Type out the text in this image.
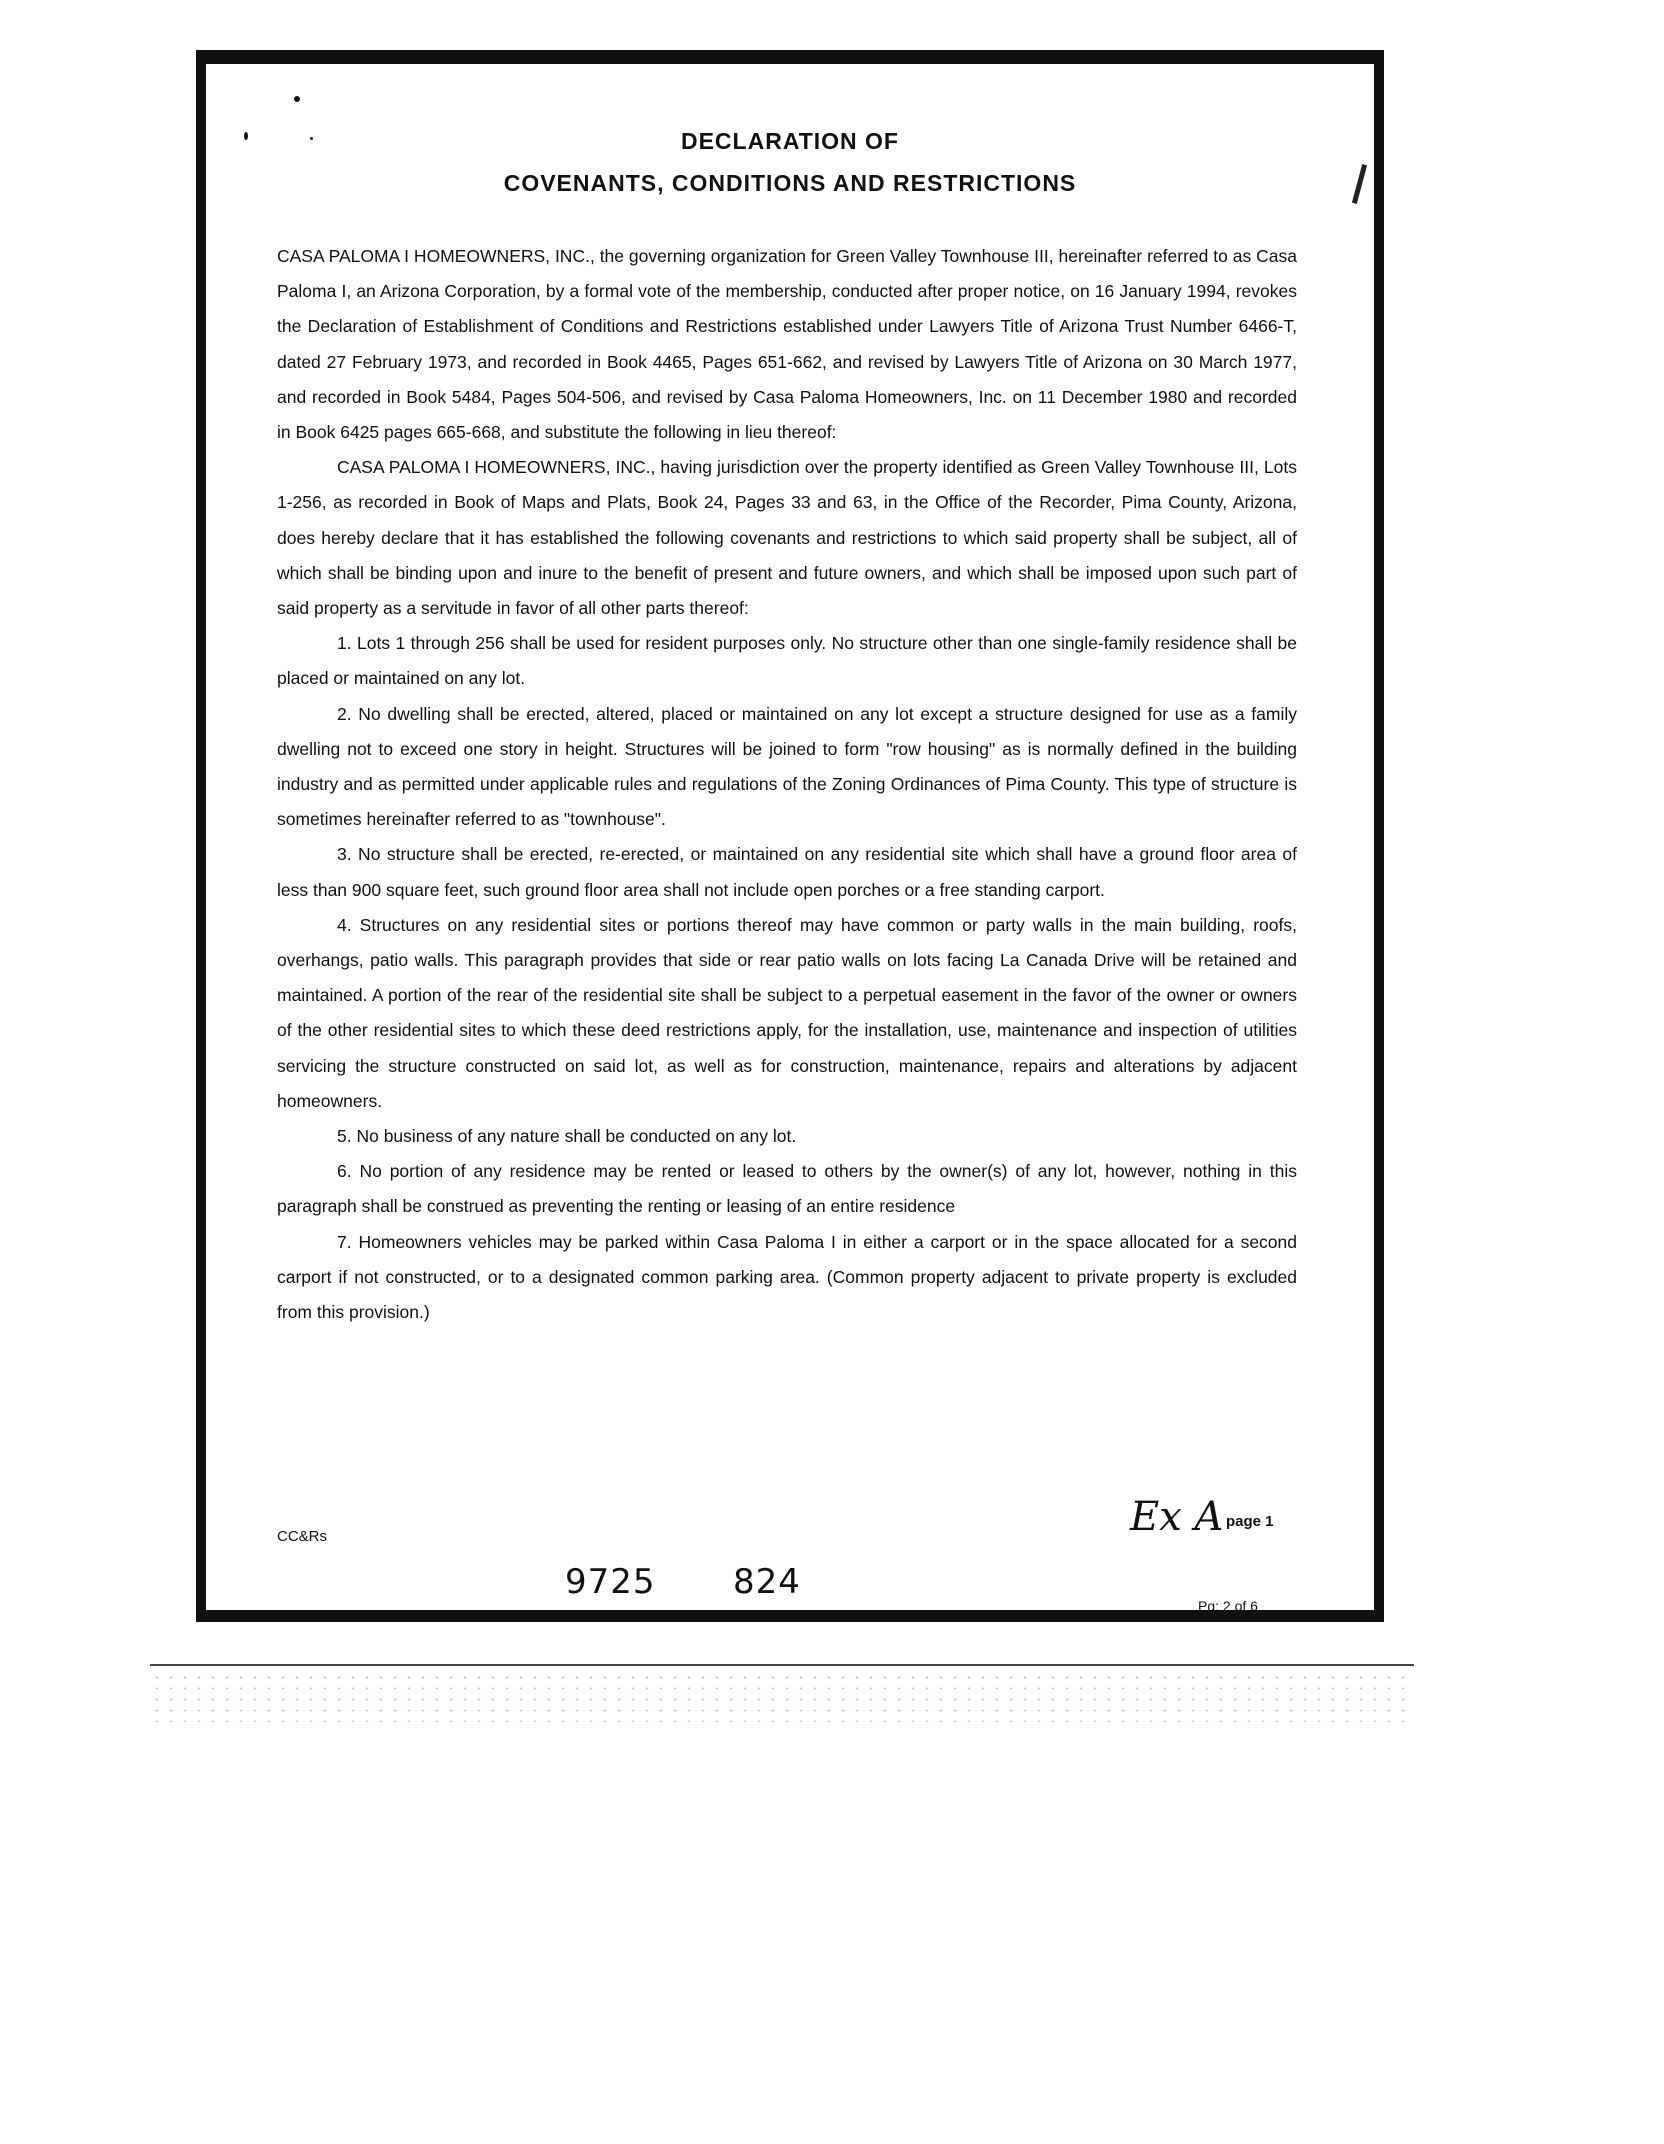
DECLARATION OF
COVENANTS, CONDITIONS AND RESTRICTIONS

CASA PALOMA I HOMEOWNERS, INC., the governing organization for Green Valley Townhouse III, hereinafter referred to as Casa Paloma I, an Arizona Corporation, by a formal vote of the membership, conducted after proper notice, on 16 January 1994, revokes the Declaration of Establishment of Conditions and Restrictions established under Lawyers Title of Arizona Trust Number 6466-T, dated 27 February 1973, and recorded in Book 4465, Pages 651-662, and revised by Lawyers Title of Arizona on 30 March 1977, and recorded in Book 5484, Pages 504-506, and revised by Casa Paloma Homeowners, Inc. on 11 December 1980 and recorded in Book 6425 pages 665-668, and substitute the following in lieu thereof:

CASA PALOMA I HOMEOWNERS, INC., having jurisdiction over the property identified as Green Valley Townhouse III, Lots 1-256, as recorded in Book of Maps and Plats, Book 24, Pages 33 and 63, in the Office of the Recorder, Pima County, Arizona, does hereby declare that it has established the following covenants and restrictions to which said property shall be subject, all of which shall be binding upon and inure to the benefit of present and future owners, and which shall be imposed upon such part of said property as a servitude in favor of all other parts thereof:

1. Lots 1 through 256 shall be used for resident purposes only. No structure other than one single-family residence shall be placed or maintained on any lot.

2. No dwelling shall be erected, altered, placed or maintained on any lot except a structure designed for use as a family dwelling not to exceed one story in height. Structures will be joined to form "row housing" as is normally defined in the building industry and as permitted under applicable rules and regulations of the Zoning Ordinances of Pima County. This type of structure is sometimes hereinafter referred to as "townhouse".

3. No structure shall be erected, re-erected, or maintained on any residential site which shall have a ground floor area of less than 900 square feet, such ground floor area shall not include open porches or a free standing carport.

4. Structures on any residential sites or portions thereof may have common or party walls in the main building, roofs, overhangs, patio walls. This paragraph provides that side or rear patio walls on lots facing La Canada Drive will be retained and maintained. A portion of the rear of the residential site shall be subject to a perpetual easement in the favor of the owner or owners of the other residential sites to which these deed restrictions apply, for the installation, use, maintenance and inspection of utilities servicing the structure constructed on said lot, as well as for construction, maintenance, repairs and alterations by adjacent homeowners.

5. No business of any nature shall be conducted on any lot.

6. No portion of any residence may be rented or leased to others by the owner(s) of any lot, however, nothing in this paragraph shall be construed as preventing the renting or leasing of an entire residence

7. Homeowners vehicles may be parked within Casa Paloma I in either a carport or in the space allocated for a second carport if not constructed, or to a designated common parking area. (Common property adjacent to private property is excluded from this provision.)

CC&Rs	Ex A page 1
9725 824
Pg: 2 of 6
